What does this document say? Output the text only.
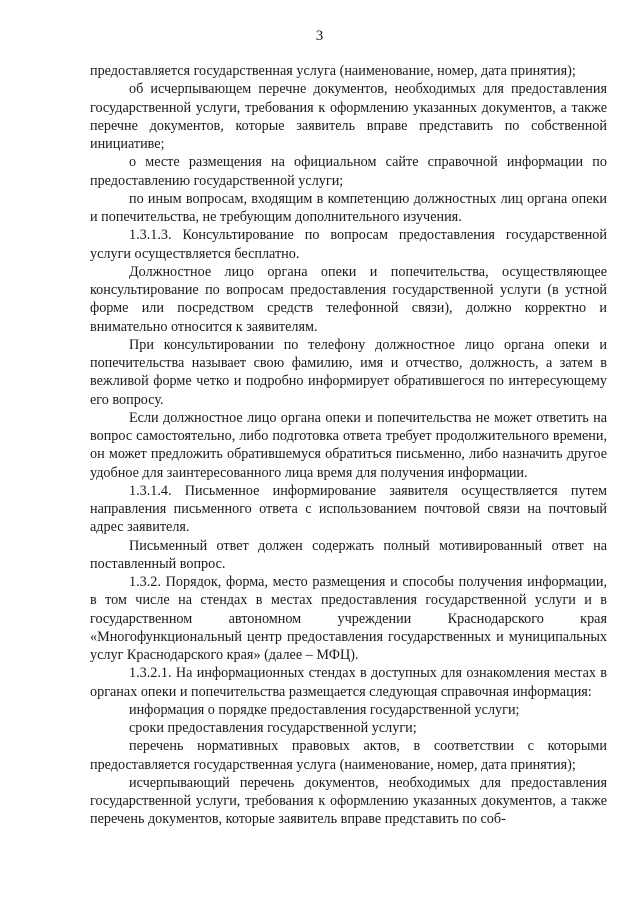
3

предоставляется государственная услуга (наименование, номер, дата принятия);

об исчерпывающем перечне документов, необходимых для предоставления государственной услуги, требования к оформлению указанных документов, а также перечне документов, которые заявитель вправе представить по собственной инициативе;

о месте размещения на официальном сайте справочной информации по предоставлению государственной услуги;

по иным вопросам, входящим в компетенцию должностных лиц органа опеки и попечительства, не требующим дополнительного изучения.

1.3.1.3. Консультирование по вопросам предоставления государственной услуги осуществляется бесплатно.

Должностное лицо органа опеки и попечительства, осуществляющее консультирование по вопросам предоставления государственной услуги (в устной форме или посредством средств телефонной связи), должно корректно и внимательно относится к заявителям.

При консультировании по телефону должностное лицо органа опеки и попечительства называет свою фамилию, имя и отчество, должность, а затем в вежливой форме четко и подробно информирует обратившегося по интересующему его вопросу.

Если должностное лицо органа опеки и попечительства не может ответить на вопрос самостоятельно, либо подготовка ответа требует продолжительного времени, он может предложить обратившемуся обратиться письменно, либо назначить другое удобное для заинтересованного лица время для получения информации.

1.3.1.4. Письменное информирование заявителя осуществляется путем направления письменного ответа с использованием почтовой связи на почтовый адрес заявителя.

Письменный ответ должен содержать полный мотивированный ответ на поставленный вопрос.

1.3.2. Порядок, форма, место размещения и способы получения информации, в том числе на стендах в местах предоставления государственной услуги и в государственном автономном учреждении Краснодарского края «Многофункциональный центр предоставления государственных и муниципальных услуг Краснодарского края» (далее – МФЦ).

1.3.2.1. На информационных стендах в доступных для ознакомления местах в органах опеки и попечительства размещается следующая справочная информация:

информация о порядке предоставления государственной услуги;

сроки предоставления государственной услуги;

перечень нормативных правовых актов, в соответствии с которыми предоставляется государственная услуга (наименование, номер, дата принятия);

исчерпывающий перечень документов, необходимых для предоставления государственной услуги, требования к оформлению указанных документов, а также перечень документов, которые заявитель вправе представить по соб-
